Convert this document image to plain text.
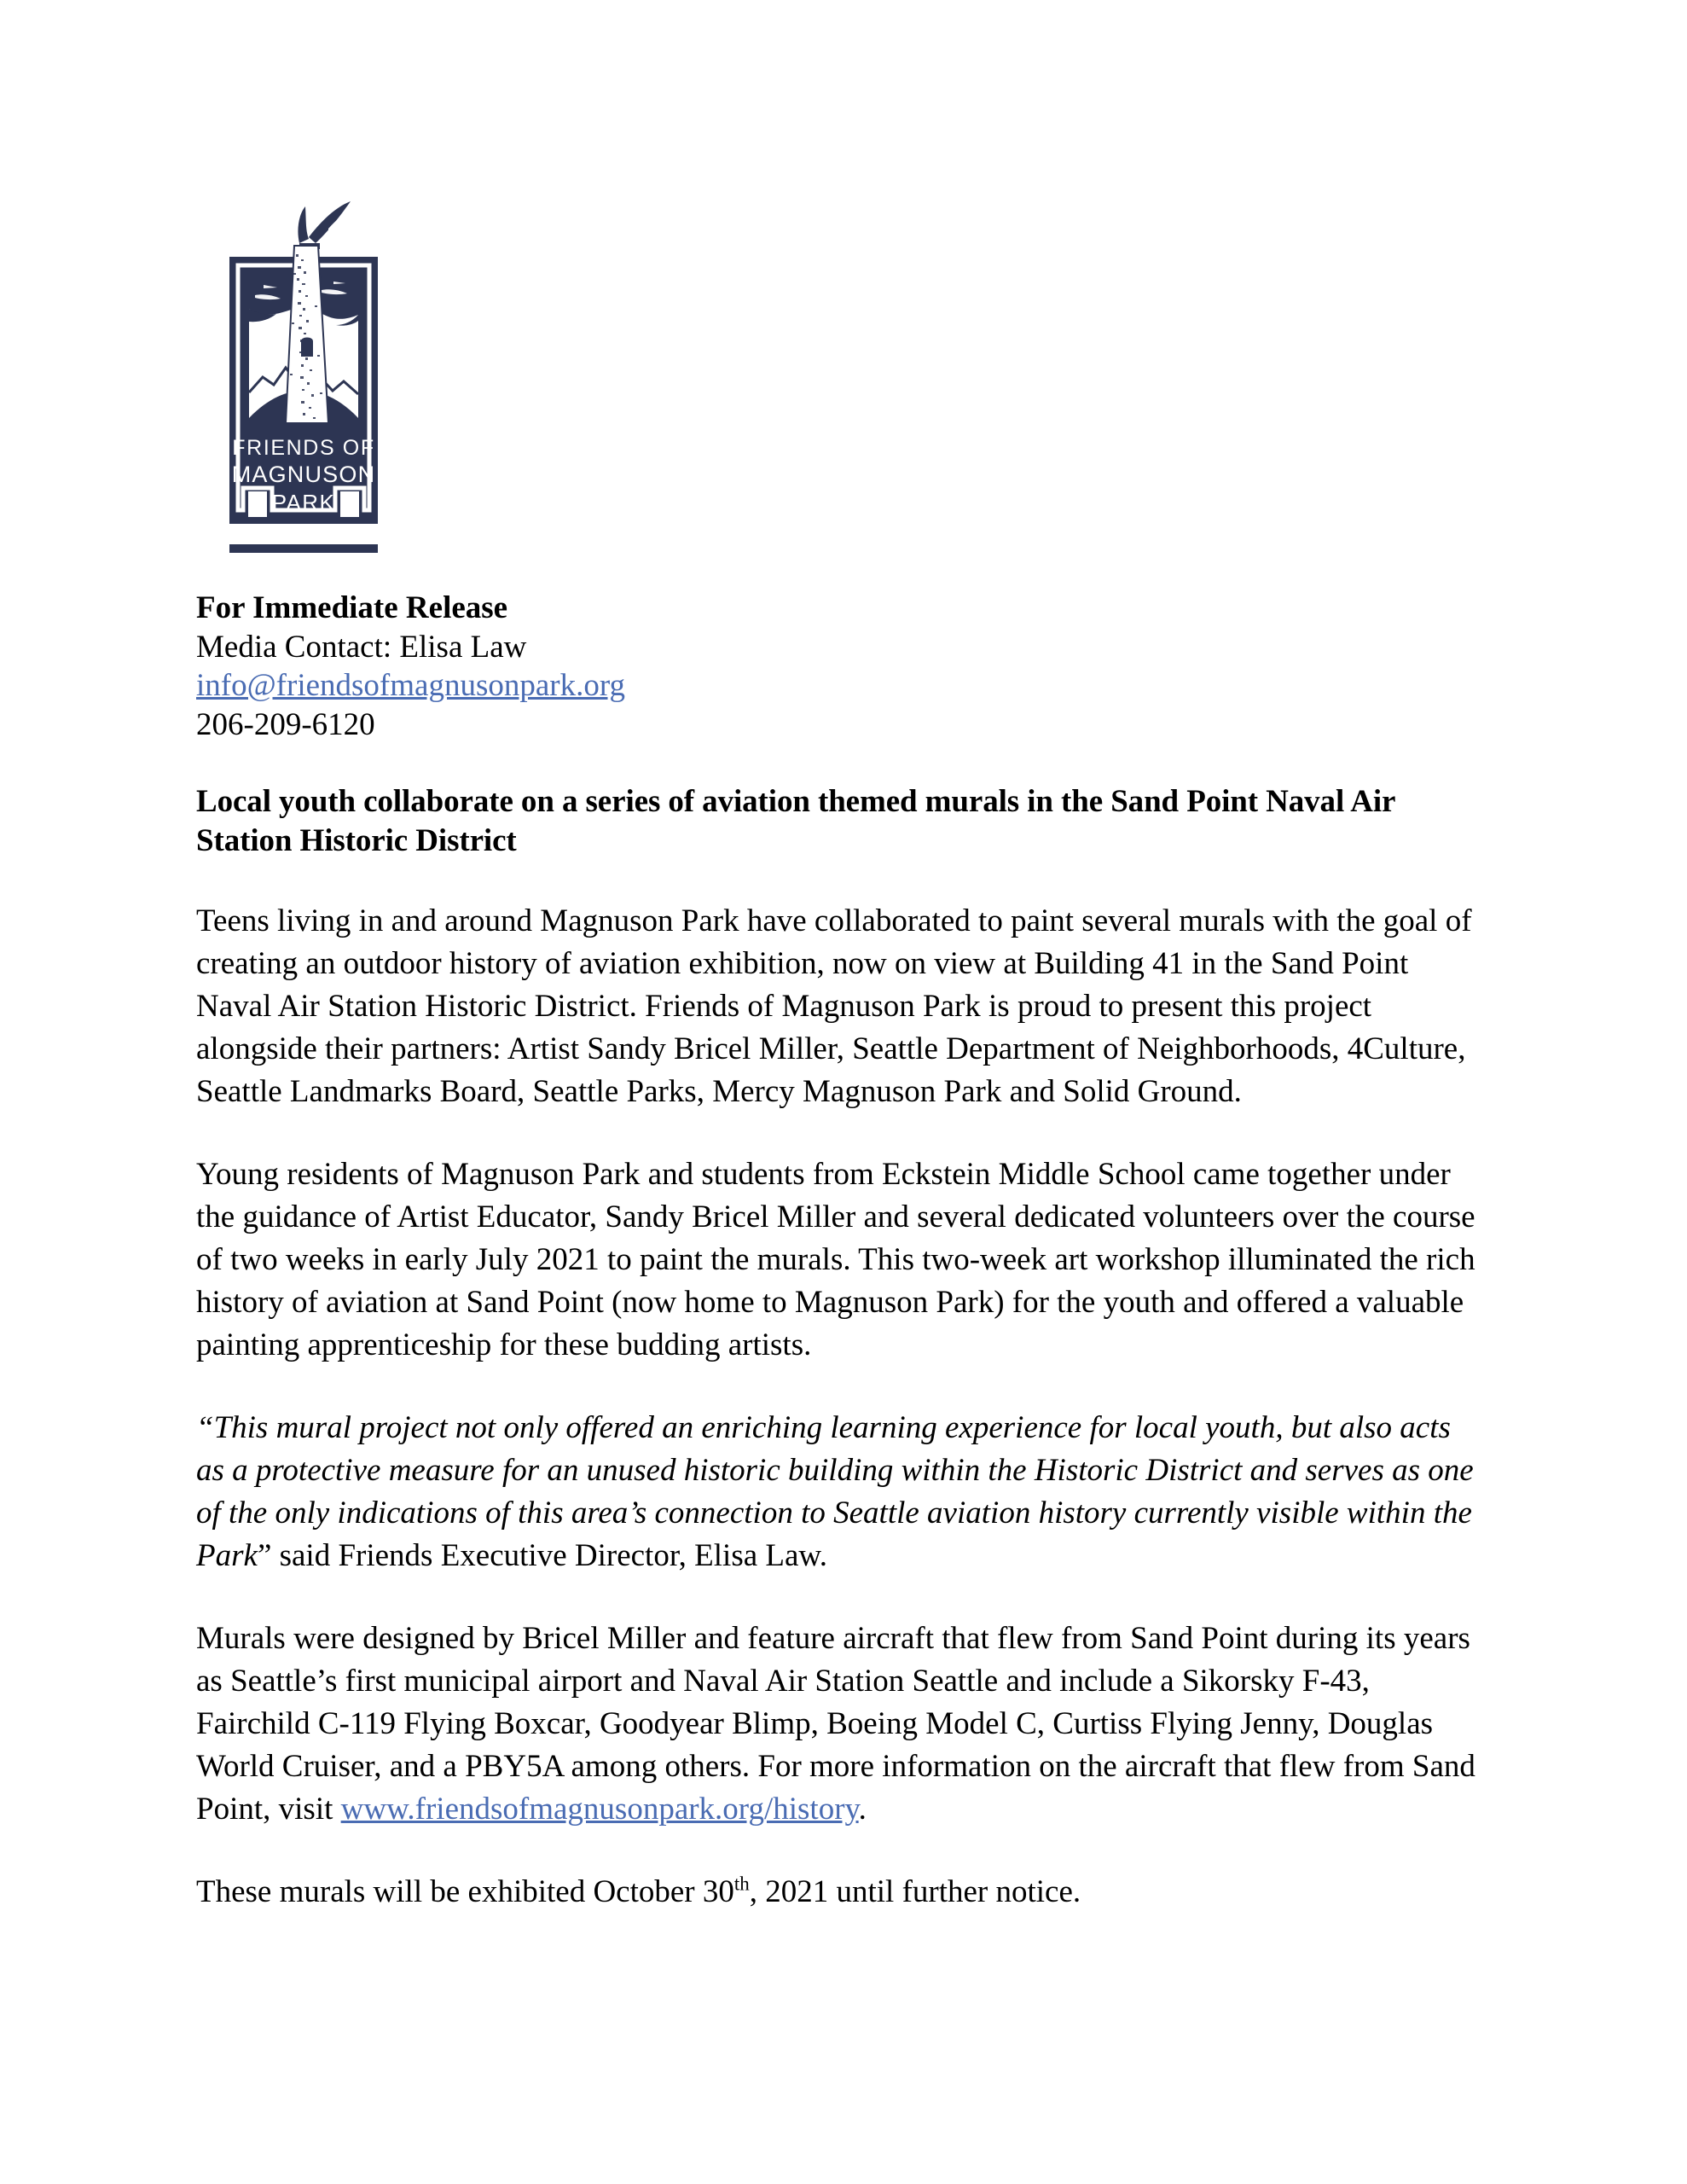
FRIENDS OF
MAGNUSON
PARK
For Immediate Release
Media Contact: Elisa Law
info@friendsofmagnusonpark.org
206-209-6120
Local youth collaborate on a series of aviation themed murals in the Sand Point Naval Air Station Historic District

Teens living in and around Magnuson Park have collaborated to paint several murals with the goal of creating an outdoor history of aviation exhibition, now on view at Building 41 in the Sand Point Naval Air Station Historic District. Friends of Magnuson Park is proud to present this project alongside their partners: Artist Sandy Bricel Miller, Seattle Department of Neighborhoods, 4Culture, Seattle Landmarks Board, Seattle Parks, Mercy Magnuson Park and Solid Ground.

Young residents of Magnuson Park and students from Eckstein Middle School came together under the guidance of Artist Educator, Sandy Bricel Miller and several dedicated volunteers over the course of two weeks in early July 2021 to paint the murals. This two-week art workshop illuminated the rich history of aviation at Sand Point (now home to Magnuson Park) for the youth and offered a valuable painting apprenticeship for these budding artists.

“This mural project not only offered an enriching learning experience for local youth, but also acts as a protective measure for an unused historic building within the Historic District and serves as one of the only indications of this area’s connection to Seattle aviation history currently visible within the Park” said Friends Executive Director, Elisa Law.

Murals were designed by Bricel Miller and feature aircraft that flew from Sand Point during its years as Seattle’s first municipal airport and Naval Air Station Seattle and include a Sikorsky F-43, Fairchild C-119 Flying Boxcar, Goodyear Blimp, Boeing Model C, Curtiss Flying Jenny, Douglas World Cruiser, and a PBY5A among others. For more information on the aircraft that flew from Sand Point, visit www.friendsofmagnusonpark.org/history.

These murals will be exhibited October 30th, 2021 until further notice.
